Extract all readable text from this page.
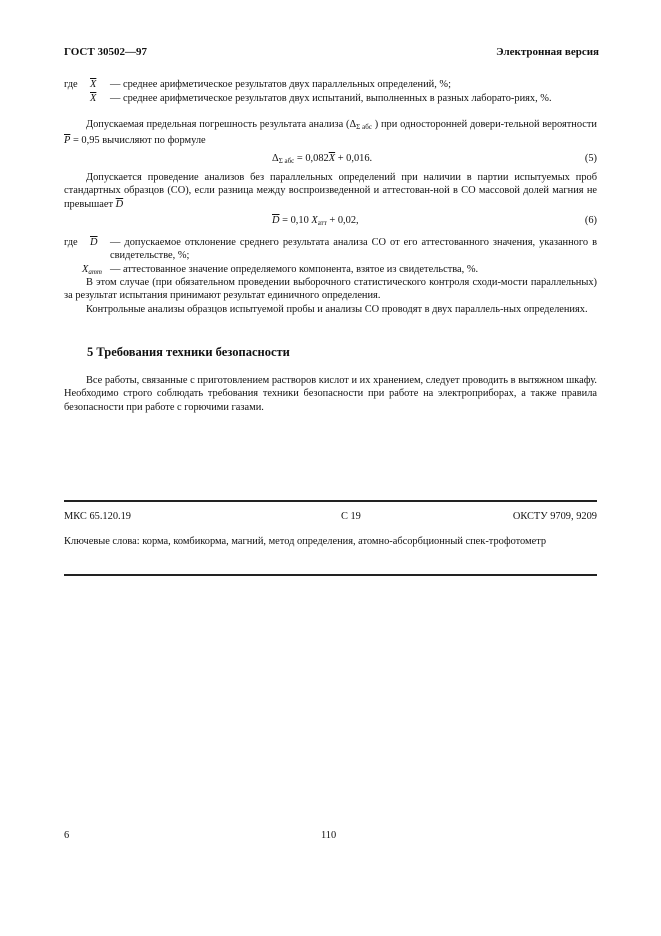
ГОСТ 30502—97	Электронная версия
где $\overline{X}$ — среднее арифметическое результатов двух параллельных определений, %;
$\overline{X}$ — среднее арифметическое результатов двух испытаний, выполненных в разных лаборато-риях, %.
Допускаемая предельная погрешность результата анализа ($\Delta_{\Sigma абс}$ ) при односторонней довери-тельной вероятности $\overline{P} = 0,95$ вычисляют по формуле
$\Delta_{\Sigma абс} = 0,082\overline{X} + 0,016$.	(5)
Допускается проведение анализов без параллельных определений при наличии в партии испытуемых проб стандартных образцов (СО), если разница между воспроизведенной и аттестован-ной в СО массовой долей магния не превышает $\overline{D}$
$\overline{D} = 0,10$ $X_{атт} + 0,02$,	(6)
где $\overline{D}$ — допускаемое отклонение среднего результата анализа СО от его аттестованного значения, указанного в свидетельстве, %;
$X_{атт}$ — аттестованное значение определяемого компонента, взятое из свидетельства, %.
В этом случае (при обязательном проведении выборочного статистического контроля сходи-мости параллельных) за результат испытания принимают результат единичного определения.
Контрольные анализы образцов испытуемой пробы и анализы СО проводят в двух параллель-ных определениях.
5 Требования техники безопасности
Все работы, связанные с приготовлением растворов кислот и их хранением, следует проводить в вытяжном шкафу. Необходимо строго соблюдать требования техники безопасности при работе на электроприборах, а также правила безопасности при работе с горючими газами.
МКС 65.120.19	С 19	ОКСТУ 9709, 9209
Ключевые слова: корма, комбикорма, магний, метод определения, атомно-абсорбционный спек-трофотометр
6	110
